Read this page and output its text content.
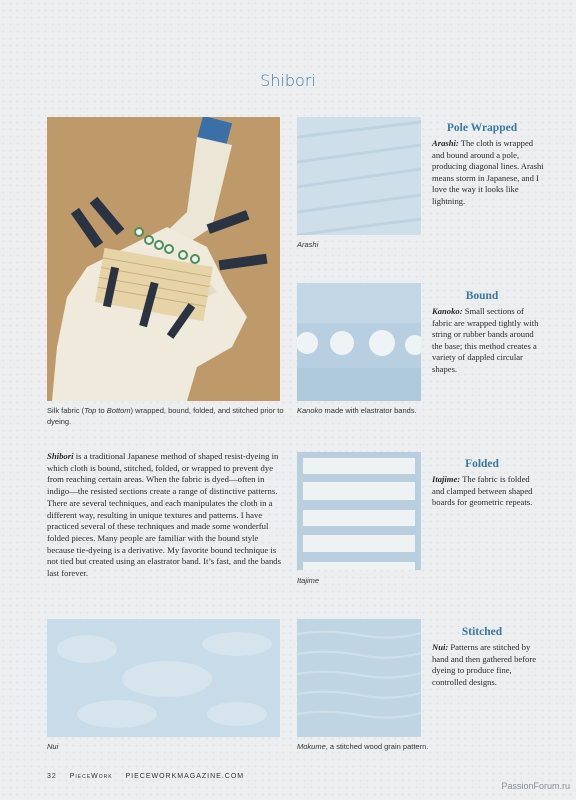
Shibori
Silk fabric (Top to Bottom) wrapped, bound, folded, and stitched prior to dyeing.
Arashi
Pole Wrapped
Arashi: The cloth is wrapped and bound around a pole, producing diagonal lines. Arashi means storm in Japanese, and I love the way it looks like lightning.
Kanoko made with elastrator bands.
Bound
Kanoko: Small sections of fabric are wrapped tightly with string or rubber bands around the base; this method creates a variety of dappled circular shapes.
Shibori is a traditional Japanese method of shaped resist-dyeing in which cloth is bound, stitched, folded, or wrapped to prevent dye from reaching certain areas. When the fabric is dyed—often in indigo—the resisted sections create a range of distinctive patterns. There are several techniques, and each manipulates the cloth in a different way, resulting in unique textures and patterns. I have practiced several of these techniques and made some wonderful folded pieces. Many people are familiar with the bound style because tie-dyeing is a derivative. My favorite bound technique is not tied but created using an elastrator band. It’s fast, and the bands last forever.
Itajime
Folded
Itajime: The fabric is folded and clamped between shaped boards for geometric repeats.
Nui	Mokume, a stitched wood grain pattern.
Stitched
Nui: Patterns are stitched by hand and then gathered before dyeing to produce fine, controlled designs.
32 PieceWork PIECEWORKMAGAZINE.COM
PassionForum.ru
